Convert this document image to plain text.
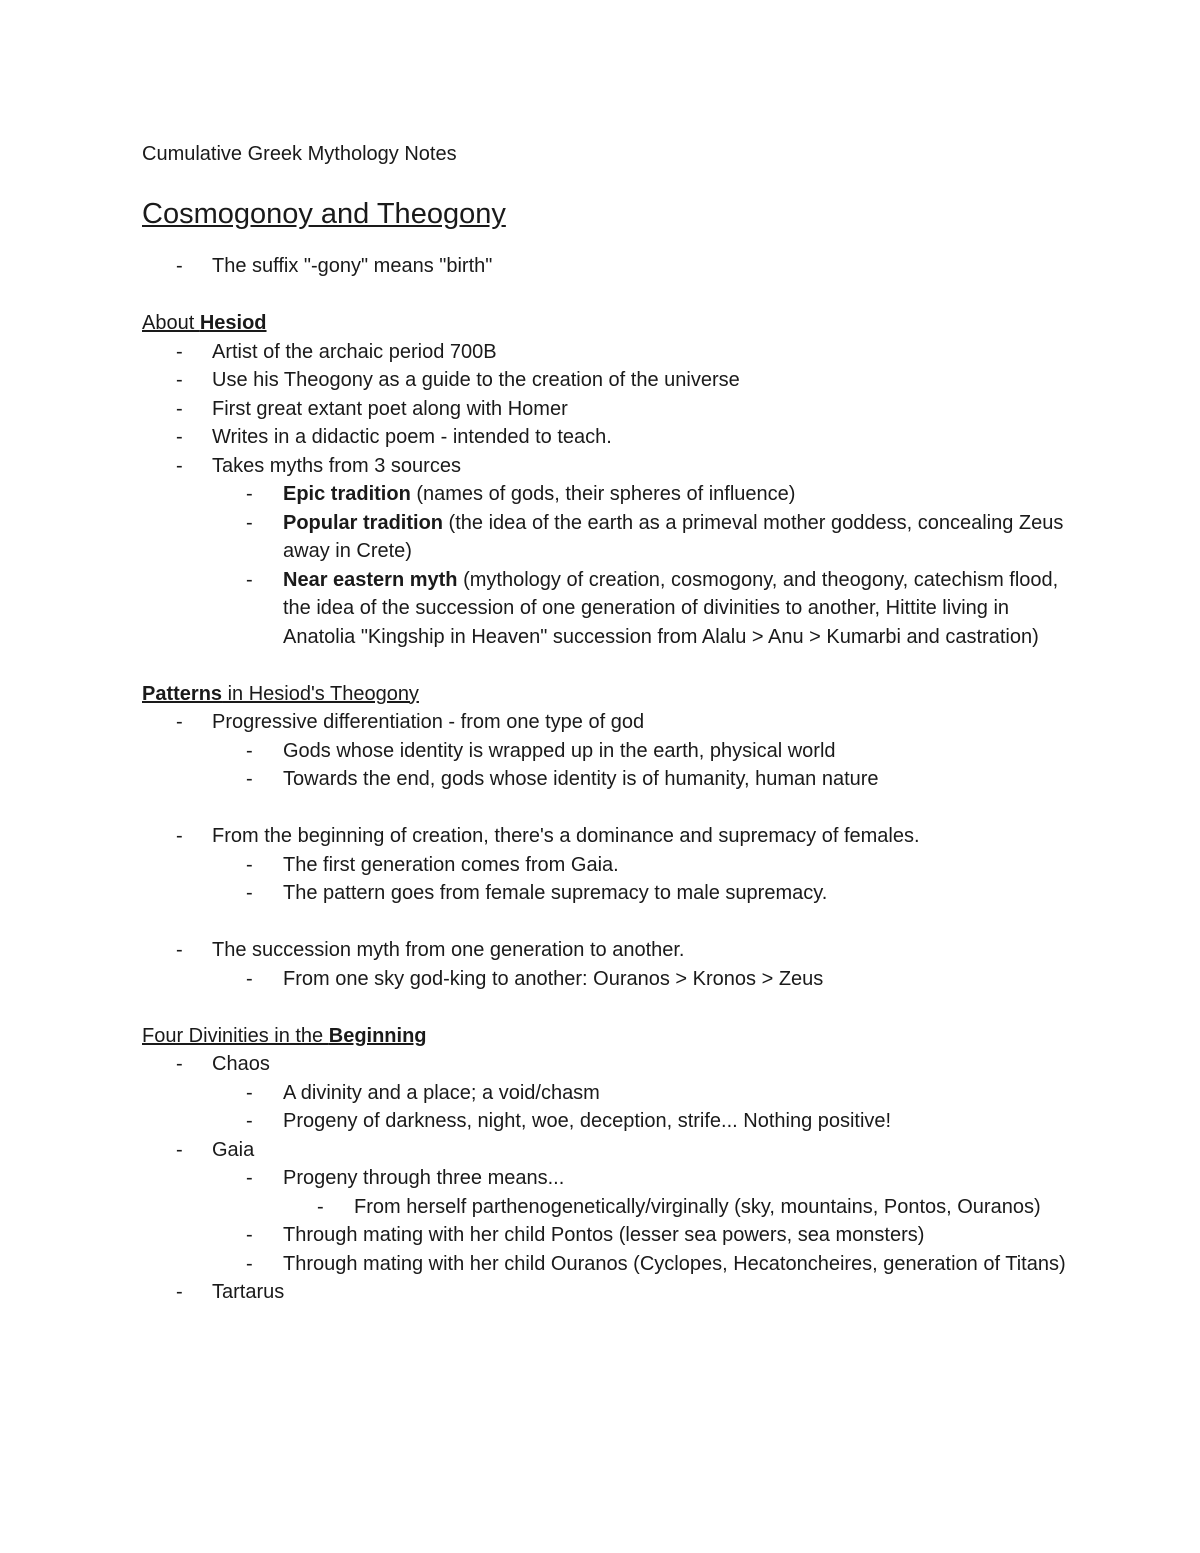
Cumulative Greek Mythology Notes
Cosmogonoy and Theogony
- The suffix "-gony" means "birth"
About Hesiod
- Artist of the archaic period 700B
- Use his Theogony as a guide to the creation of the universe
- First great extant poet along with Homer
- Writes in a didactic poem - intended to teach.
- Takes myths from 3 sources
- Epic tradition (names of gods, their spheres of influence)
- Popular tradition (the idea of the earth as a primeval mother goddess, concealing Zeus away in Crete)
- Near eastern myth (mythology of creation, cosmogony, and theogony, catechism flood, the idea of the succession of one generation of divinities to another, Hittite living in Anatolia "Kingship in Heaven" succession from Alalu > Anu > Kumarbi and castration)
Patterns in Hesiod's Theogony
- Progressive differentiation - from one type of god
- Gods whose identity is wrapped up in the earth, physical world
- Towards the end, gods whose identity is of humanity, human nature
- From the beginning of creation, there's a dominance and supremacy of females.
- The first generation comes from Gaia.
- The pattern goes from female supremacy to male supremacy.
- The succession myth from one generation to another.
- From one sky god-king to another: Ouranos > Kronos > Zeus
Four Divinities in the Beginning
- Chaos
- A divinity and a place; a void/chasm
- Progeny of darkness, night, woe, deception, strife... Nothing positive!
- Gaia
- Progeny through three means...
- From herself parthenogenetically/virginally (sky, mountains, Pontos, Ouranos)
- Through mating with her child Pontos (lesser sea powers, sea monsters)
- Through mating with her child Ouranos (Cyclopes, Hecatoncheires, generation of Titans)
- Tartarus
